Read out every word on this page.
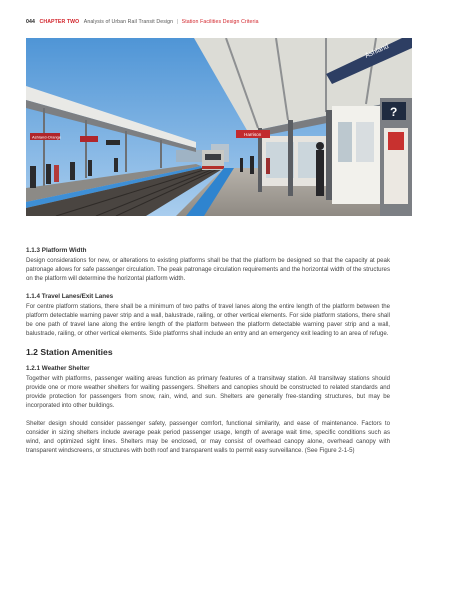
044 CHAPTER TWO Analysis of Urban Rail Transit Design | Station Facilities Design Criteria
Ashland-Orange
Ashland
?
Harrison
1.1.3 Platform Width
Design considerations for new, or alterations to existing platforms shall be that the platform be designed so that the capacity at peak patronage allows for safe passenger circulation. The peak patronage circulation requirements and the horizontal width of the structures on the platform will determine the horizontal platform width.
1.1.4 Travel Lanes/Exit Lanes
For centre platform stations, there shall be a minimum of two paths of travel lanes along the entire length of the platform between the platform detectable warning paver strip and a wall, balustrade, railing, or other vertical elements. For side platform stations, there shall be one path of travel lane along the entire length of the platform between the platform detectable warning paver strip and a wall, balustrade, railing, or other vertical elements. Side platforms shall include an entry and an emergency exit leading to an area of refuge.
1.2 Station Amenities
1.2.1 Weather Shelter
Together with platforms, passenger waiting areas function as primary features of a transitway station. All transitway stations should provide one or more weather shelters for waiting passengers. Shelters and canopies should be constructed to related standards and provide protection for passengers from snow, rain, wind, and sun. Shelters are generally free-standing structures, but may be incorporated into other buildings.
Shelter design should consider passenger safety, passenger comfort, functional similarity, and ease of maintenance. Factors to consider in sizing shelters include average peak period passenger usage, length of average wait time, specific conditions such as wind, and optimized sight lines. Shelters may be enclosed, or may consist of overhead canopy alone, overhead canopy with transparent windscreens, or structures with both roof and transparent walls to permit easy surveillance. (See Figure 2-1-5)
